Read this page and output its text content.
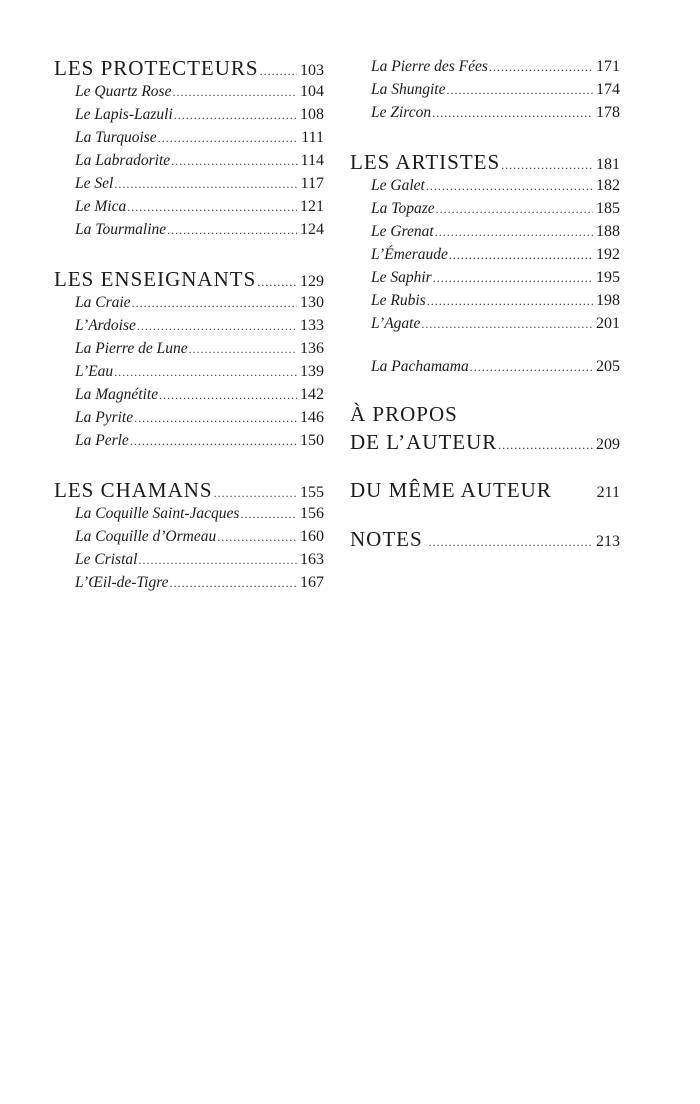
LES PROTECTEURS .....	103
Le Quartz Rose .....	104
Le Lapis-Lazuli .....	108
La Turquoise .....	111
La Labradorite .....	114
Le Sel .....	117
Le Mica .....	121
La Tourmaline .....	124
LES ENSEIGNANTS .....	129
La Craie .....	130
L’Ardoise .....	133
La Pierre de Lune .....	136
L’Eau .....	139
La Magnétite .....	142
La Pyrite .....	146
La Perle .....	150
LES CHAMANS .....	155
La Coquille Saint-Jacques .....	156
La Coquille d’Ormeau .....	160
Le Cristal .....	163
L’Œil-de-Tigre .....	167
La Pierre des Fées .....	171
La Shungite .....	174
Le Zircon .....	178
LES ARTISTES .....	181
Le Galet .....	182
La Topaze .....	185
Le Grenat .....	188
L’Émeraude .....	192
Le Saphir .....	195
Le Rubis .....	198
L’Agate .....	201
La Pachamama .....	205
À PROPOS
DE L’AUTEUR .....	209
DU MÊME AUTEUR	211
NOTES .....	213
